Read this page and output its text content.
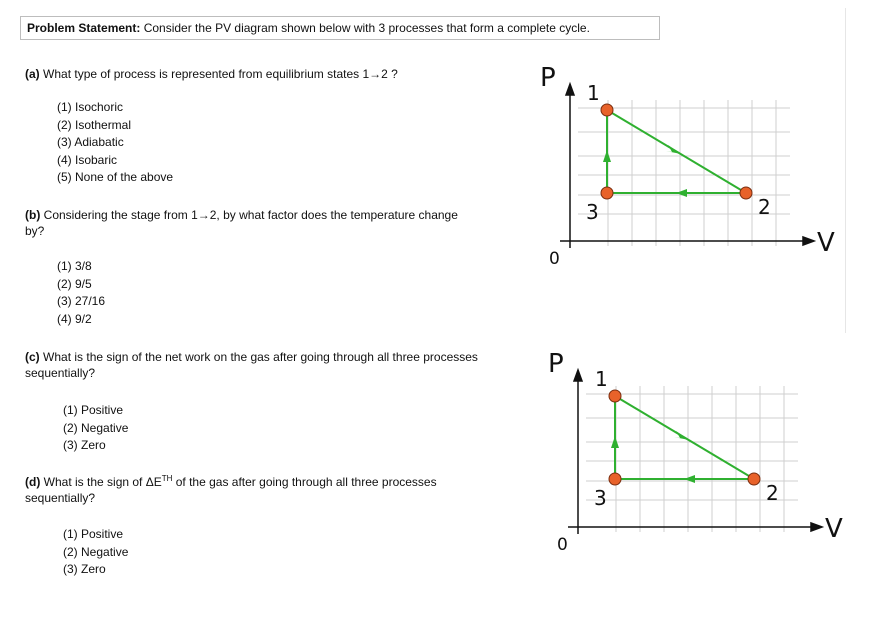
Problem Statement: Consider the PV diagram shown below with 3 processes that form a complete cycle.
(a) What type of process is represented from equilibrium states 1→2 ?
(1) Isochoric
(2) Isothermal
(3) Adiabatic
(4) Isobaric
(5) None of the above
(b) Considering the stage from 1→2, by what factor does the temperature change
by?
(1) 3/8
(2) 9/5
(3) 27/16
(4) 9/2
(c) What is the sign of the net work on the gas after going through all three processes
sequentially?
(1) Positive
(2) Negative
(3) Zero
(d) What is the sign of $\Delta E^{TH}$ of the gas after going through all three processes
sequentially?
(1) Positive
(2) Negative
(3) Zero
P 1
2
3
0
V
P 1
2
3
0
V
